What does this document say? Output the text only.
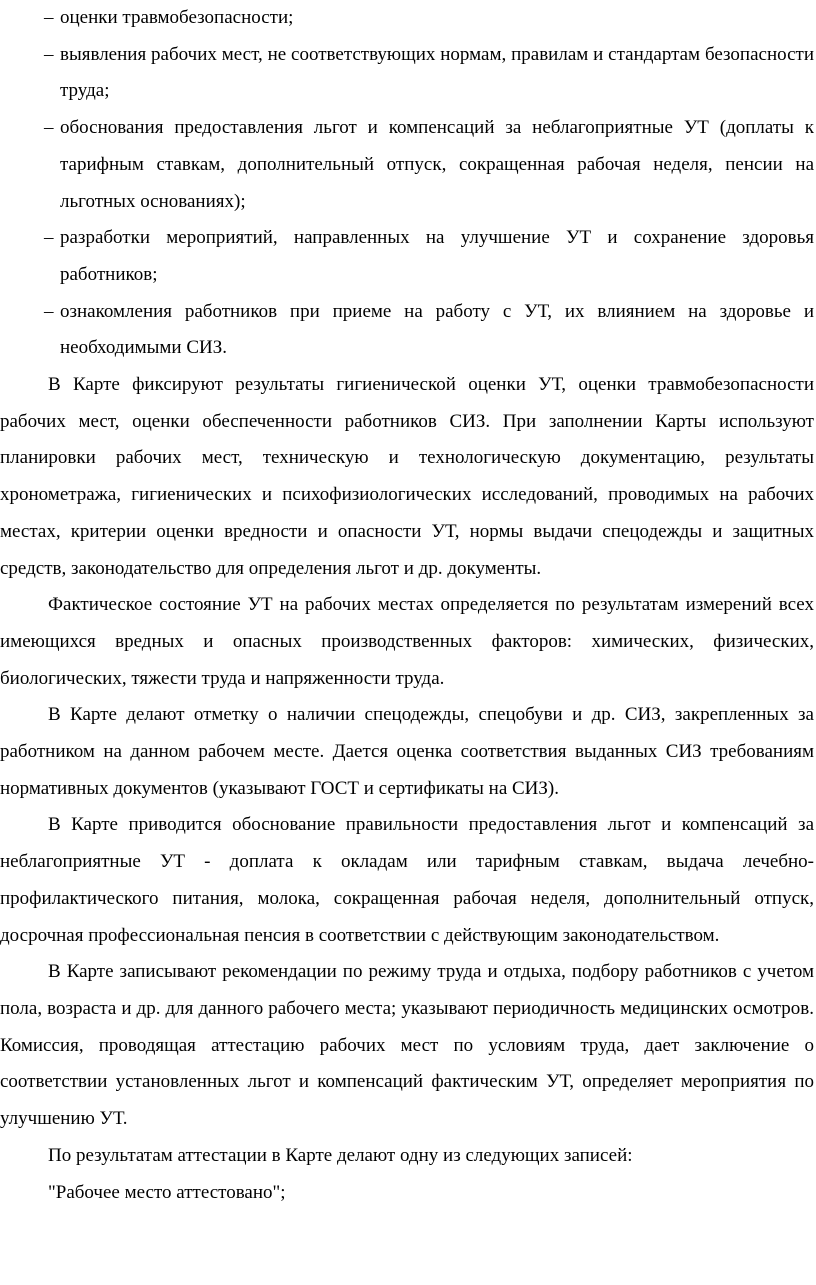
– оценки травмобезопасности;

– выявления рабочих мест, не соответствующих нормам, правилам и стандартам безопасности труда;

– обоснования предоставления льгот и компенсаций за неблагоприятные УТ (доплаты к тарифным ставкам, дополнительный отпуск, сокращенная рабочая неделя, пенсии на льготных основаниях);

– разработки мероприятий, направленных на улучшение УТ и сохранение здоровья работников;

– ознакомления работников при приеме на работу с УТ, их влиянием на здоровье и необходимыми СИЗ.

В Карте фиксируют результаты гигиенической оценки УТ, оценки травмобезопасности рабочих мест, оценки обеспеченности работников СИЗ. При заполнении Карты используют планировки рабочих мест, техническую и технологическую документацию, результаты хронометража, гигиенических и психофизиологических исследований, проводимых на рабочих местах, критерии оценки вредности и опасности УТ, нормы выдачи спецодежды и защитных средств, законодательство для определения льгот и др. документы.

Фактическое состояние УТ на рабочих местах определяется по результатам измерений всех имеющихся вредных и опасных производственных факторов: химических, физических, биологических, тяжести труда и напряженности труда.

В Карте делают отметку о наличии спецодежды, спецобуви и др. СИЗ, закрепленных за работником на данном рабочем месте. Дается оценка соответствия выданных СИЗ требованиям нормативных документов (указывают ГОСТ и сертификаты на СИЗ).

В Карте приводится обоснование правильности предоставления льгот и компенсаций за неблагоприятные УТ - доплата к окладам или тарифным ставкам, выдача лечебно-профилактического питания, молока, сокращенная рабочая неделя, дополнительный отпуск, досрочная профессиональная пенсия в соответствии с действующим законодательством.

В Карте записывают рекомендации по режиму труда и отдыха, подбору работников с учетом пола, возраста и др. для данного рабочего места; указывают периодичность медицинских осмотров. Комиссия, проводящая аттестацию рабочих мест по условиям труда, дает заключение о соответствии установленных льгот и компенсаций фактическим УТ, определяет мероприятия по улучшению УТ.

По результатам аттестации в Карте делают одну из следующих записей:

"Рабочее место аттестовано";
